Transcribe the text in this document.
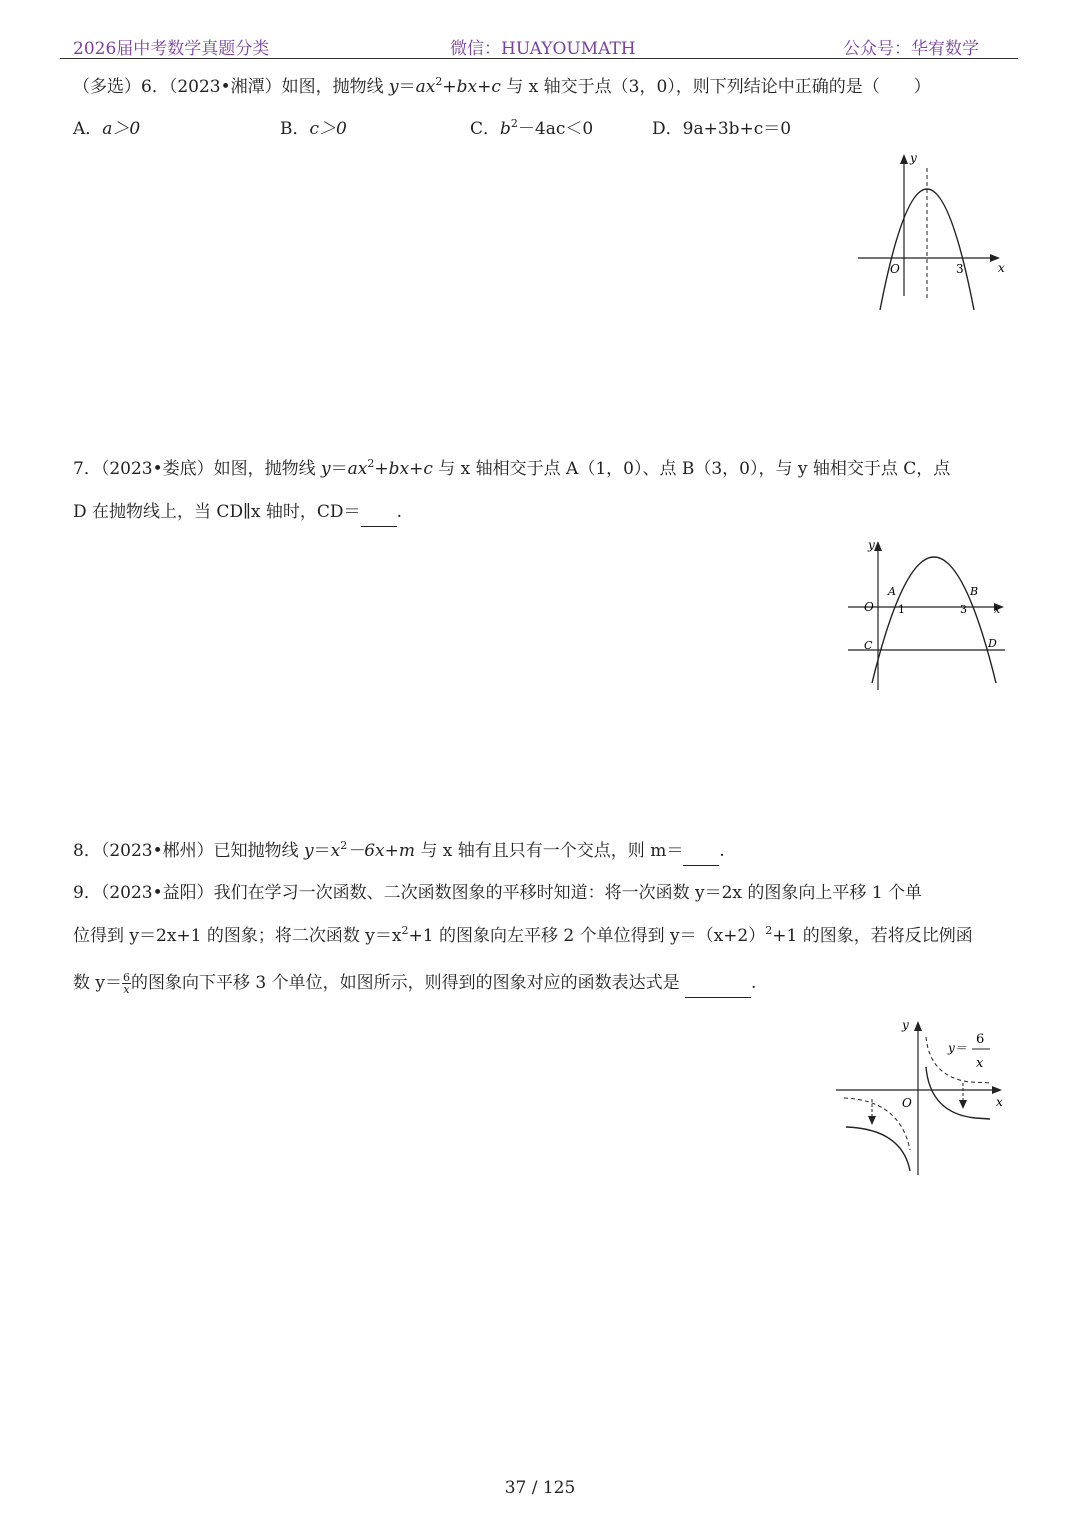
2026届中考数学真题分类	微信：HUAYOUMATH	公众号：华宥数学
（多选）6．（2023•湘潭）如图，抛物线 $y=ax^2+bx+c$ 与 x 轴交于点（3，0），则下列结论中正确的是（　　）
A．a＞0	B．c＞0	C．$b^2-4ac<0$	D．9a+3b+c＝0
y
x
O	3
7．（2023•娄底）如图，抛物线 $y=ax^2+bx+c$ 与 x 轴相交于点 A（1，0）、点 B（3，0），与 y 轴相交于点 C，点
D 在抛物线上，当 CD∥x 轴时，CD＝ .
y
x
O
A	B
C	D
1	3
8．（2023•郴州）已知抛物线 $y=x^2-6x+m$ 与 x 轴有且只有一个交点，则 m＝ .
9．（2023•益阳）我们在学习一次函数、二次函数图象的平移时知道：将一次函数 y＝2x 的图象向上平移 1 个单
位得到 y＝2x+1 的图象；将二次函数 $y=x^2+1$ 的图象向左平移 2 个单位得到 $y=(x+2)^2+1$ 的图象，若将反比例函
数 $y= \frac{6}{x}$ 的图象向下平移 3 个单位，如图所示，则得到的图象对应的函数表达式是	.
y
x
O
y＝
6
x
37 / 125
